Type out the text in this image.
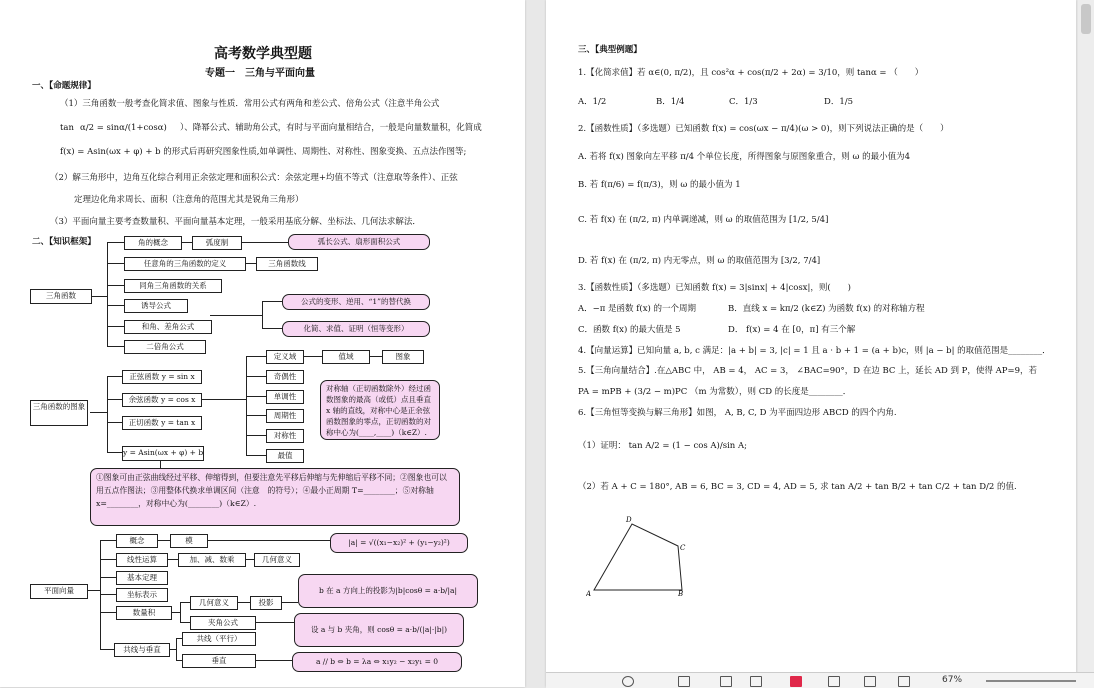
高考数学典型题
专题一　三角与平面向量
一、【命题规律】
（1）三角函数一般考查化简求值、图象与性质．常用公式有两角和差公式、倍角公式（注意半角公式
tan α/2 = sinα/(1+cosα) ）、降幂公式、辅助角公式，有时与平面向量相结合，一般是向量数量积，化简成
f(x) = Asin(ωx + φ) + b 的形式后再研究图象性质,如单调性、周期性、对称性、图象变换、五点法作图等;
（2）解三角形中，边角互化综合利用正余弦定理和面积公式：余弦定理+均值不等式（注意取等条件）、正弦
定理边化角求周长、面积（注意角的范围尤其是锐角三角形）
（3）平面向量主要考查数量积、平面向量基本定理，一般采用基底分解、坐标法、几何法求解法．
二、【知识框架】
三角函数
角的概念	弧度制	弧长公式、扇形面积公式
任意角的三角函数的定义	三角函数线
同角三角函数的关系
诱导公式
和角、差角公式
二倍角公式
公式的变形、逆用、“1”的替代换
化简、求值、证明（恒等变形）
三角函数的图象
正弦函数 y = sin x
余弦函数 y = cos x
正切函数 y = tan x
y = Asin(ωx + φ) + b
定义域	值域	图象
奇偶性
单调性
周期性
对称性
最值
对称轴（正切函数除外）经过函数图象的最高（或低）点且垂直 x 轴的直线，对称中心是正余弦函数图象的零点，正切函数的对称中心为(____,____)（k∈Z）.
①图象可由正弦曲线经过平移、伸缩得到，但要注意先平移后伸缩与先伸缩后平移不同；②图象也可以用五点作图法；③用整体代换求单调区间（注意　的符号）；④最小正周期 T=________；⑤对称轴 x=________，对称中心为(________)（k∈Z）.
平面向量
概念	模	|a| = √((x₁−x₂)² + (y₁−y₂)²)
线性运算	加、减、数乘	几何意义
基本定理
坐标表示	b 在 a 方向上的投影为|b|cosθ = a·b/|a|
数量积
几何意义	投影
夹角公式
设 a 与 b 夹角，则 cosθ = a·b/(|a|·|b|)
共线与垂直
共线（平行）
垂直	a // b ⇔ b = λa ⇔ x₁y₂ − x₂y₁ = 0
三、【典型例题】
1.【化简求值】若 α∈(0, π/2)，且 cos²α + cos(π/2 + 2α) = 3/10，则 tanα = （　　）
A．1/2	B．1/4	C．1/3	D．1/5
2.【函数性质】（多选题）已知函数 f(x) = cos(ωx − π/4)(ω > 0)，则下列说法正确的是（　　）
A. 若将 f(x) 图象向左平移 π/4 个单位长度，所得图象与原图象重合，则 ω 的最小值为4
B. 若 f(π/6) = f(π/3)，则 ω 的最小值为 1
C. 若 f(x) 在 (π/2, π) 内单调递减，则 ω 的取值范围为 [1/2, 5/4]
D. 若 f(x) 在 (π/2, π) 内无零点，则 ω 的取值范围为 [3/2, 7/4]
3.【函数性质】（多选题）已知函数 f(x) = 3|sinx| + 4|cosx|，则(　　)
A．−π 是函数 f(x) 的一个周期	B．直线 x = kπ/2 (k∈Z) 为函数 f(x) 的对称轴方程
C．函数 f(x) 的最大值是 5	D． f(x) = 4 在 [0，π] 有三个解
4.【向量运算】已知向量 a, b, c 满足：|a + b| = 3, |c| = 1 且 a · b + 1 = (a + b)c，则 |a − b| 的取值范围是________．
5.【三角向量结合】.在△ABC 中， AB = 4， AC = 3， ∠BAC=90°，D 在边 BC 上，延长 AD 到 P，使得 AP=9，若
PA = mPB + (3/2 − m)PC （m 为常数），则 CD 的长度是________．
6.【三角恒等变换与解三角形】如图， A, B, C, D 为平面四边形 ABCD 的四个内角.
（1）证明： tan A/2 = (1 − cos A)/sin A;
（2）若 A + C = 180°, AB = 6, BC = 3, CD = 4, AD = 5, 求 tan A/2 + tan B/2 + tan C/2 + tan D/2 的值.
A	B
C
D
67%
